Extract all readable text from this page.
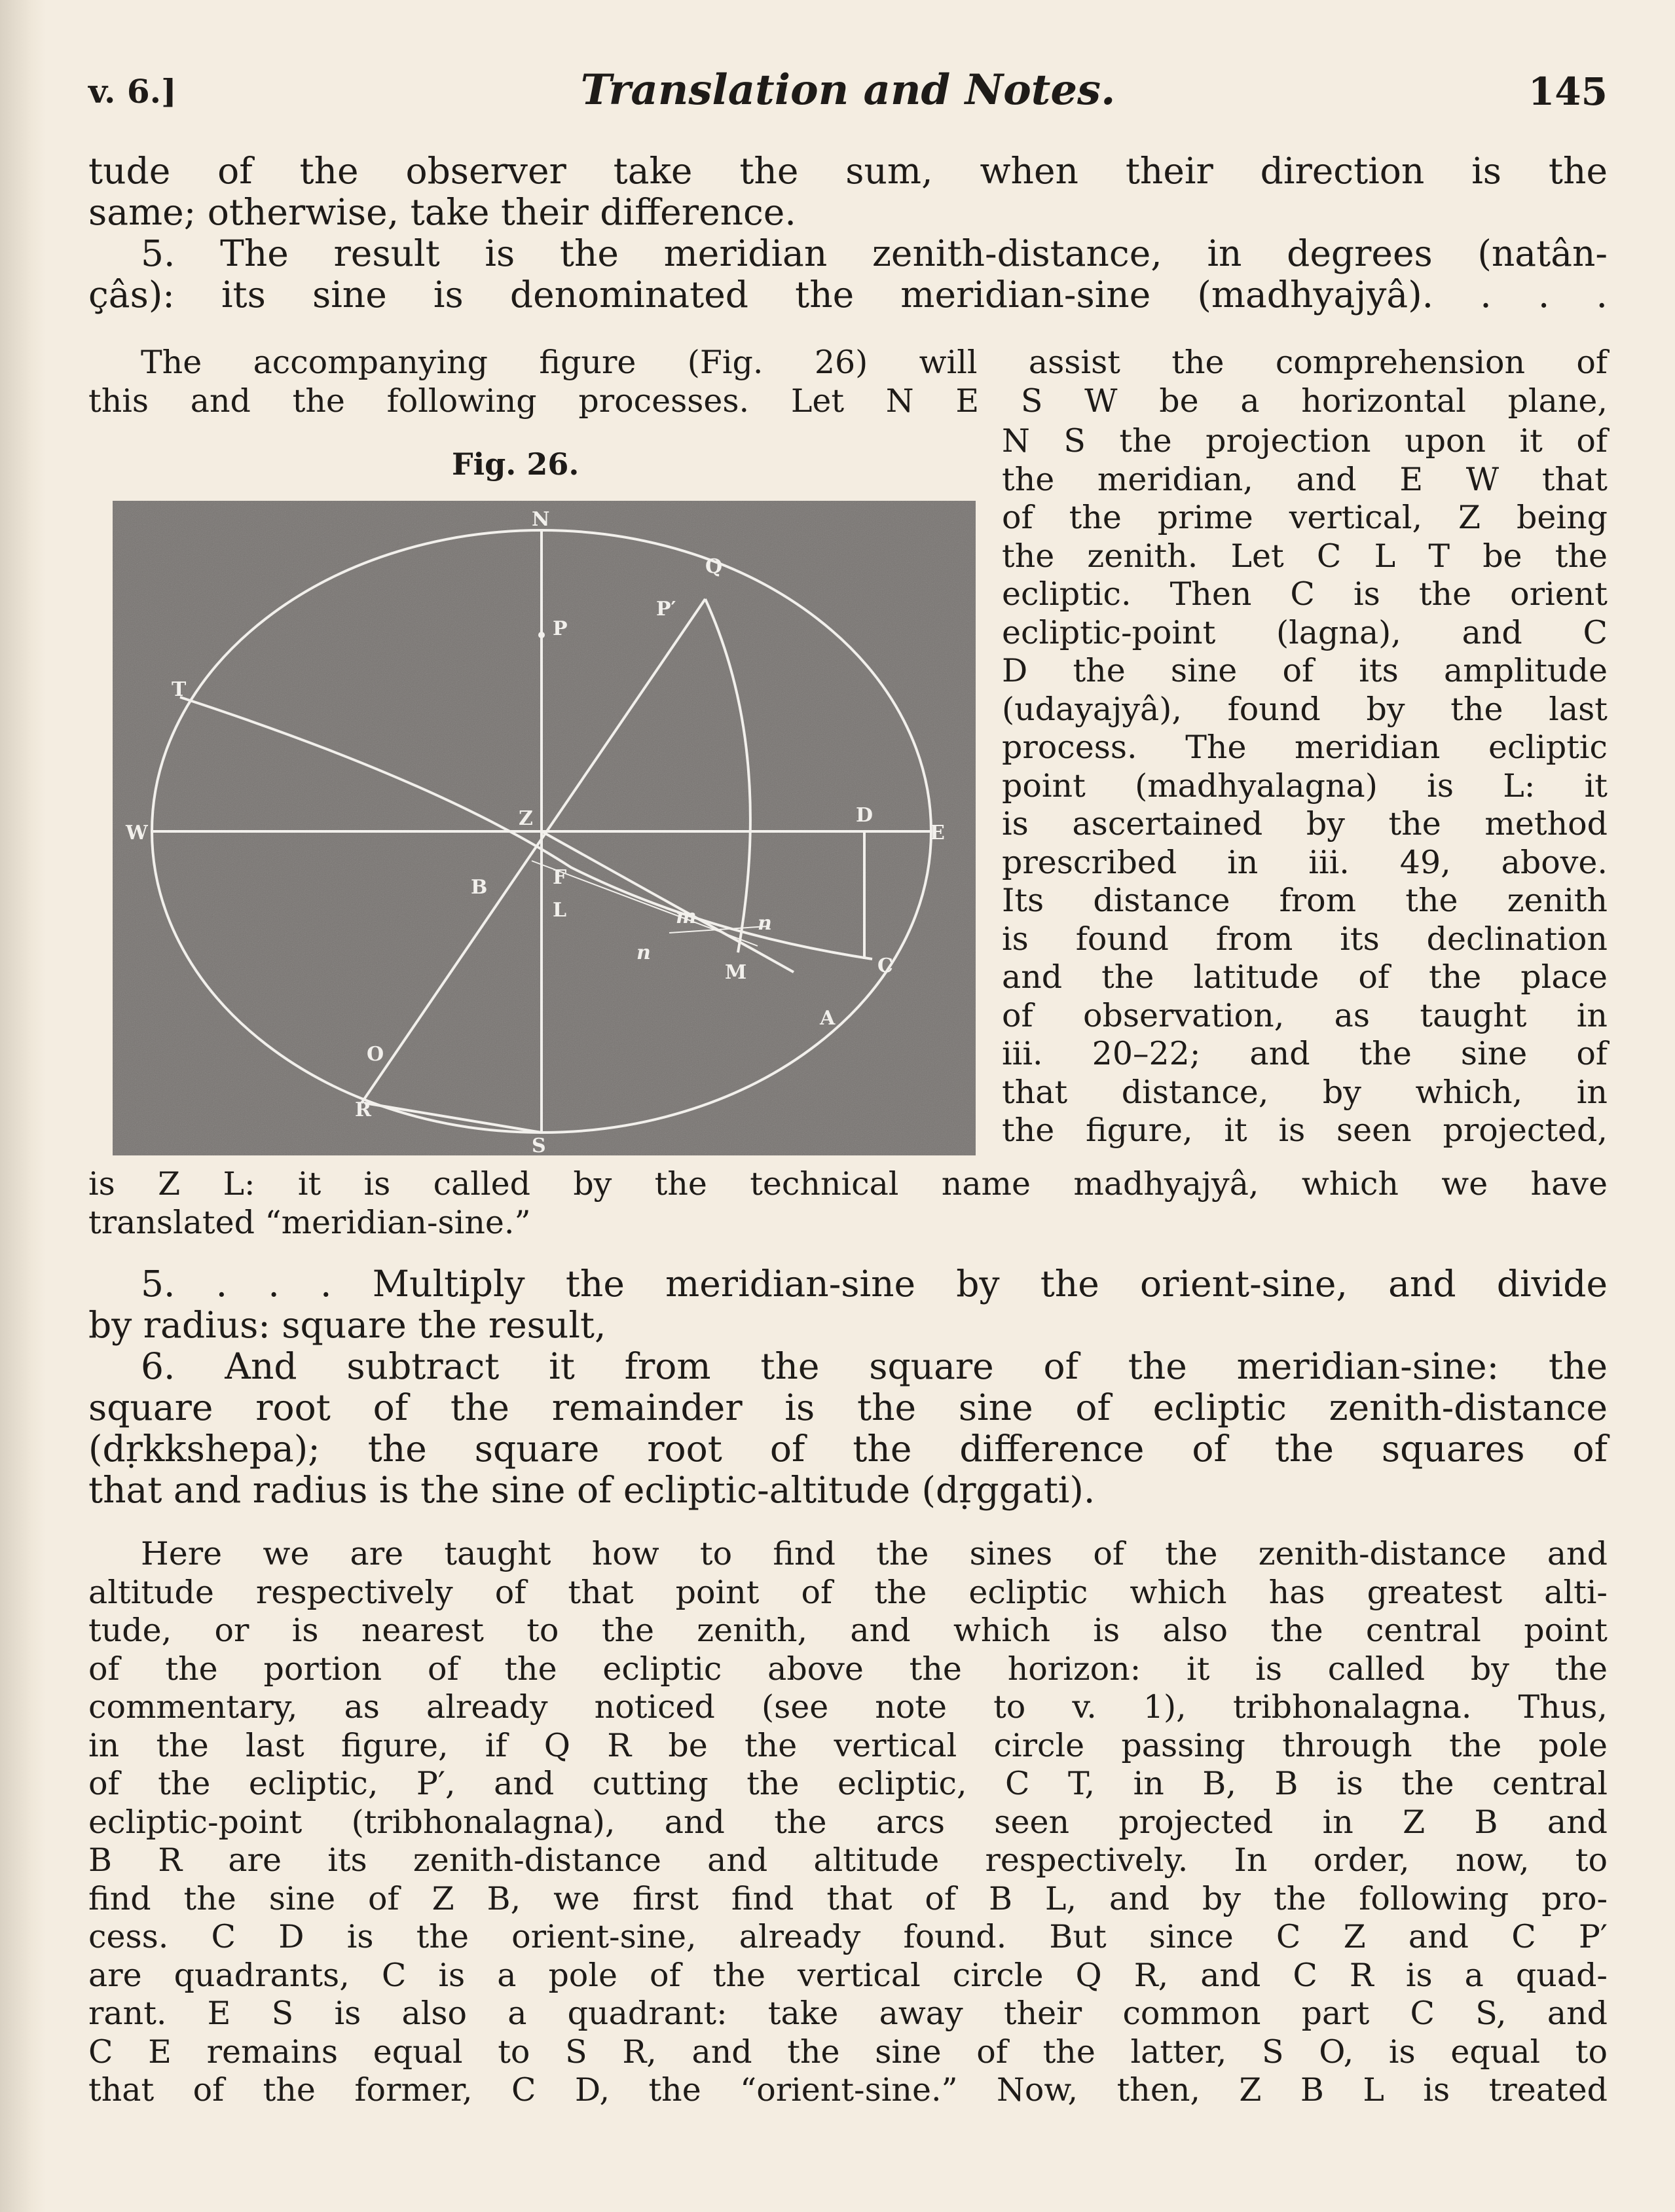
v. 6.]	Translation and Notes.	145
tude of the observer take the sum, when their direction is the
same; otherwise, take their difference.
5. The result is the meridian zenith-distance, in degrees (natân-
çâs): its sine is denominated the meridian-sine (madhyajyâ). . . .
The accompanying figure (Fig. 26) will assist the comprehension of
this and the following processes. Let N E S W be a horizontal plane,
Fig. 26.
N
S
E
W
Z
P
P′
Q
T
D
C
B	F
L
M
m	n
n
A
O
R
N S the projection upon it of
the meridian, and E W that
of the prime vertical, Z being
the zenith. Let C L T be the
ecliptic. Then C is the orient
ecliptic-point (lagna), and C
D the sine of its amplitude
(udayajyâ), found by the last
process. The meridian ecliptic
point (madhyalagna) is L: it
is ascertained by the method
prescribed in iii. 49, above.
Its distance from the zenith
is found from its declination
and the latitude of the place
of observation, as taught in
iii. 20–22; and the sine of
that distance, by which, in
the figure, it is seen projected,
is Z L: it is called by the technical name madhyajyâ, which we have
translated “meridian-sine.”
5. . . . Multiply the meridian-sine by the orient-sine, and divide
by radius: square the result,
6. And subtract it from the square of the meridian-sine: the
square root of the remainder is the sine of ecliptic zenith-distance
(dṛkkshepa); the square root of the difference of the squares of
that and radius is the sine of ecliptic-altitude (dṛggati).
Here we are taught how to find the sines of the zenith-distance and
altitude respectively of that point of the ecliptic which has greatest alti-
tude, or is nearest to the zenith, and which is also the central point
of the portion of the ecliptic above the horizon: it is called by the
commentary, as already noticed (see note to v. 1), tribhonalagna. Thus,
in the last figure, if Q R be the vertical circle passing through the pole
of the ecliptic, P′, and cutting the ecliptic, C T, in B, B is the central
ecliptic-point (tribhonalagna), and the arcs seen projected in Z B and
B R are its zenith-distance and altitude respectively. In order, now, to
find the sine of Z B, we first find that of B L, and by the following pro-
cess. C D is the orient-sine, already found. But since C Z and C P′
are quadrants, C is a pole of the vertical circle Q R, and C R is a quad-
rant. E S is also a quadrant: take away their common part C S, and
C E remains equal to S R, and the sine of the latter, S O, is equal to
that of the former, C D, the “orient-sine.” Now, then, Z B L is treated
